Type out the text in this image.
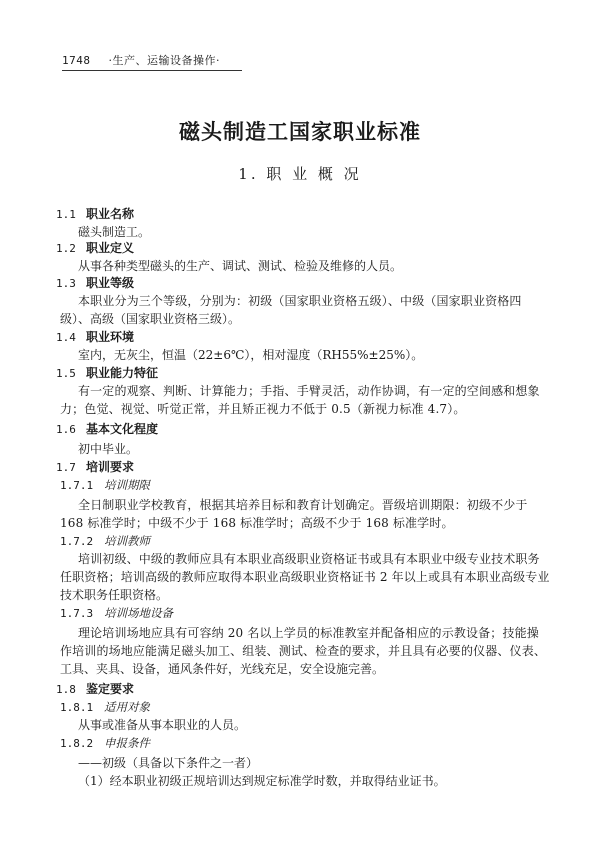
1748 ·生产、运输设备操作·
磁头制造工国家职业标准
1. 职 业 概 况
1.1 职业名称
磁头制造工。
1.2 职业定义
从事各种类型磁头的生产、调试、测试、检验及维修的人员。
1.3 职业等级
本职业分为三个等级，分别为：初级（国家职业资格五级）、中级（国家职业资格四
级）、高级（国家职业资格三级）。
1.4 职业环境
室内，无灰尘，恒温（22±6℃），相对湿度（RH55%±25%）。
1.5 职业能力特征
有一定的观察、判断、计算能力；手指、手臂灵活，动作协调，有一定的空间感和想象
力；色觉、视觉、听觉正常，并且矫正视力不低于 0.5（新视力标准 4.7）。
1.6 基本文化程度
初中毕业。
1.7 培训要求
1.7.1 培训期限
全日制职业学校教育，根据其培养目标和教育计划确定。晋级培训期限：初级不少于
168 标准学时；中级不少于 168 标准学时；高级不少于 168 标准学时。
1.7.2 培训教师
培训初级、中级的教师应具有本职业高级职业资格证书或具有本职业中级专业技术职务
任职资格；培训高级的教师应取得本职业高级职业资格证书 2 年以上或具有本职业高级专业
技术职务任职资格。
1.7.3 培训场地设备
理论培训场地应具有可容纳 20 名以上学员的标准教室并配备相应的示教设备；技能操
作培训的场地应能满足磁头加工、组装、测试、检查的要求，并且具有必要的仪器、仪表、
工具、夹具、设备，通风条件好，光线充足，安全设施完善。
1.8 鉴定要求
1.8.1 适用对象
从事或准备从事本职业的人员。
1.8.2 申报条件
——初级（具备以下条件之一者）
（1）经本职业初级正规培训达到规定标准学时数，并取得结业证书。
